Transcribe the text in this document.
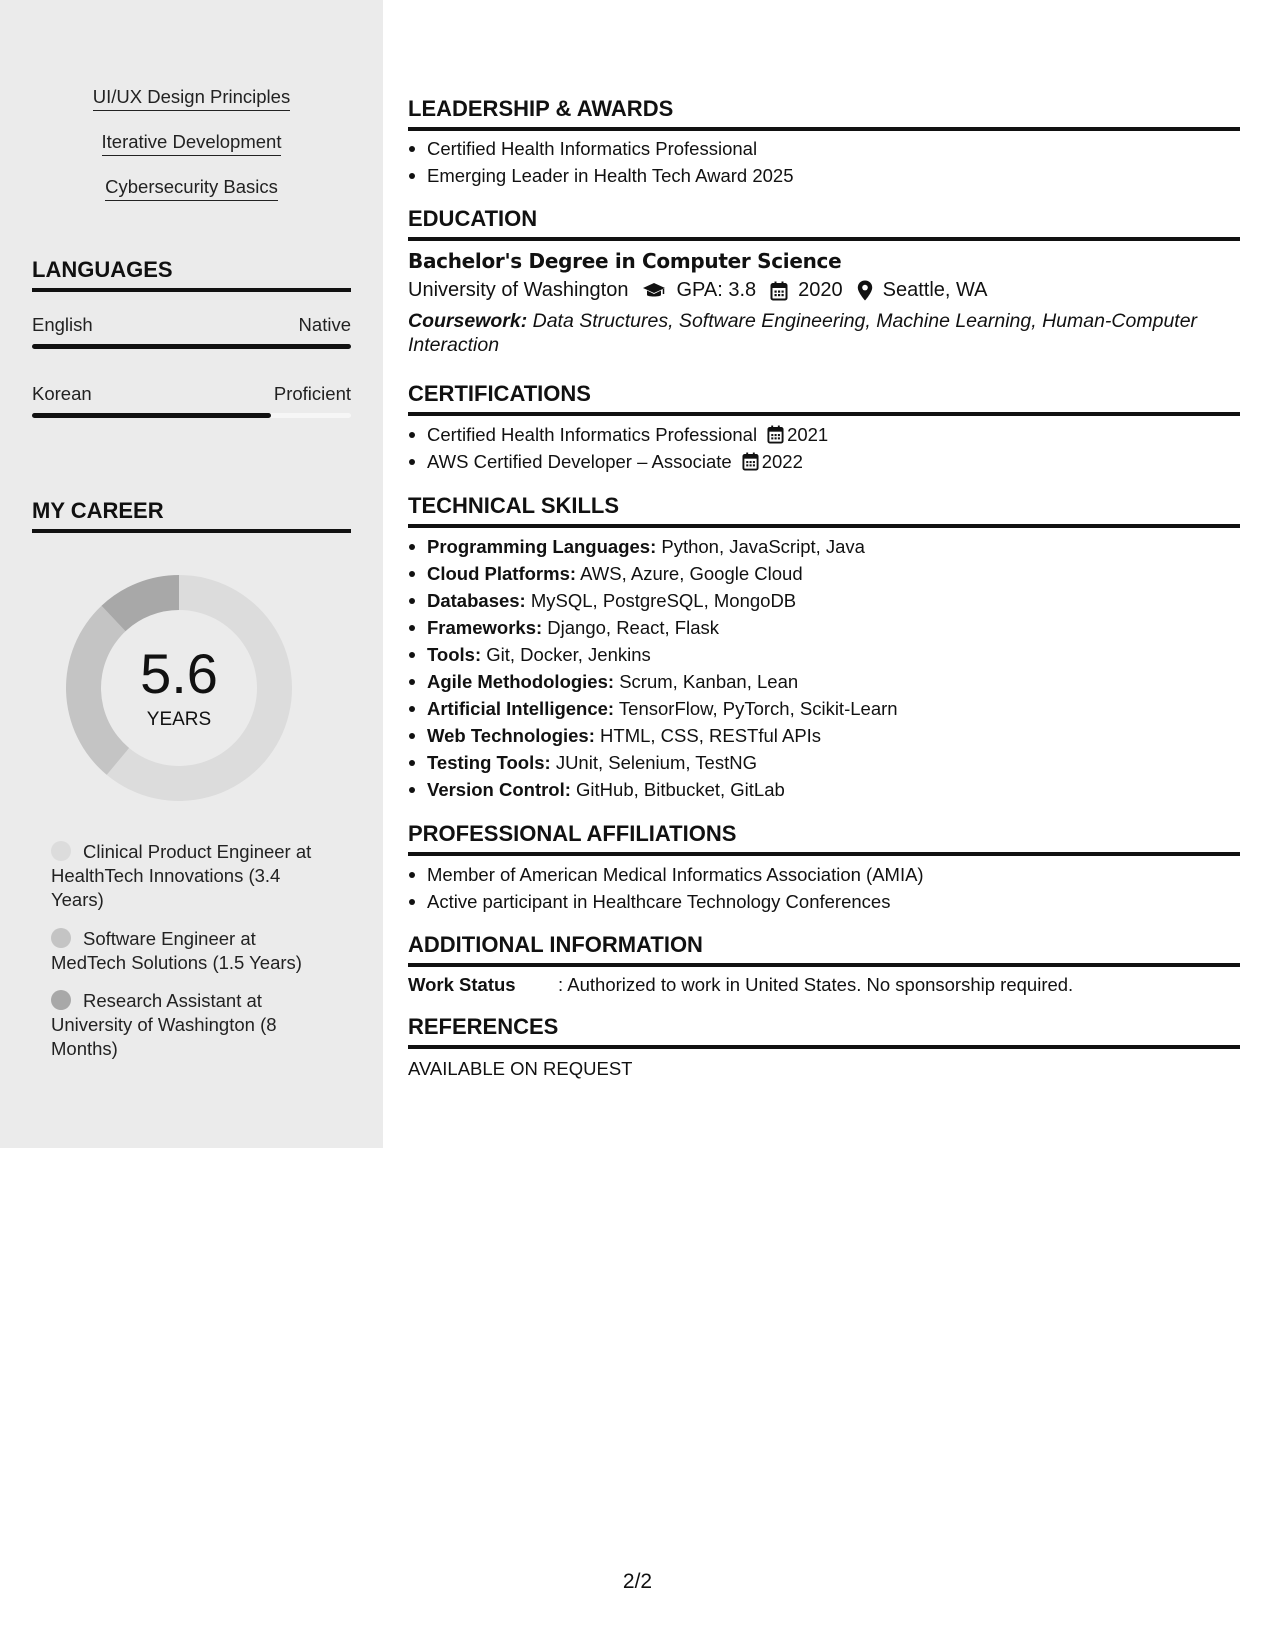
UI/UX Design Principles
Iterative Development
Cybersecurity Basics
LANGUAGES
English	Native
Korean	Proficient
MY CAREER
5.6
YEARS
Clinical Product Engineer at HealthTech Innovations (3.4 Years)
Software Engineer at MedTech Solutions (1.5 Years)
Research Assistant at University of Washington (8 Months)
LEADERSHIP & AWARDS
Certified Health Informatics Professional
Emerging Leader in Health Tech Award 2025
EDUCATION
Bachelor's Degree in Computer Science
University of Washington GPA: 3.8 2020 Seattle, WA
Coursework: Data Structures, Software Engineering, Machine Learning, Human-Computer Interaction
CERTIFICATIONS
Certified Health Informatics Professional 2021
AWS Certified Developer – Associate 2022
TECHNICAL SKILLS
Programming Languages: Python, JavaScript, Java
Cloud Platforms: AWS, Azure, Google Cloud
Databases: MySQL, PostgreSQL, MongoDB
Frameworks: Django, React, Flask
Tools: Git, Docker, Jenkins
Agile Methodologies: Scrum, Kanban, Lean
Artificial Intelligence: TensorFlow, PyTorch, Scikit-Learn
Web Technologies: HTML, CSS, RESTful APIs
Testing Tools: JUnit, Selenium, TestNG
Version Control: GitHub, Bitbucket, GitLab
PROFESSIONAL AFFILIATIONS
Member of American Medical Informatics Association (AMIA)
Active participant in Healthcare Technology Conferences
ADDITIONAL INFORMATION
Work Status : Authorized to work in United States. No sponsorship required.
REFERENCES
AVAILABLE ON REQUEST
2/2
